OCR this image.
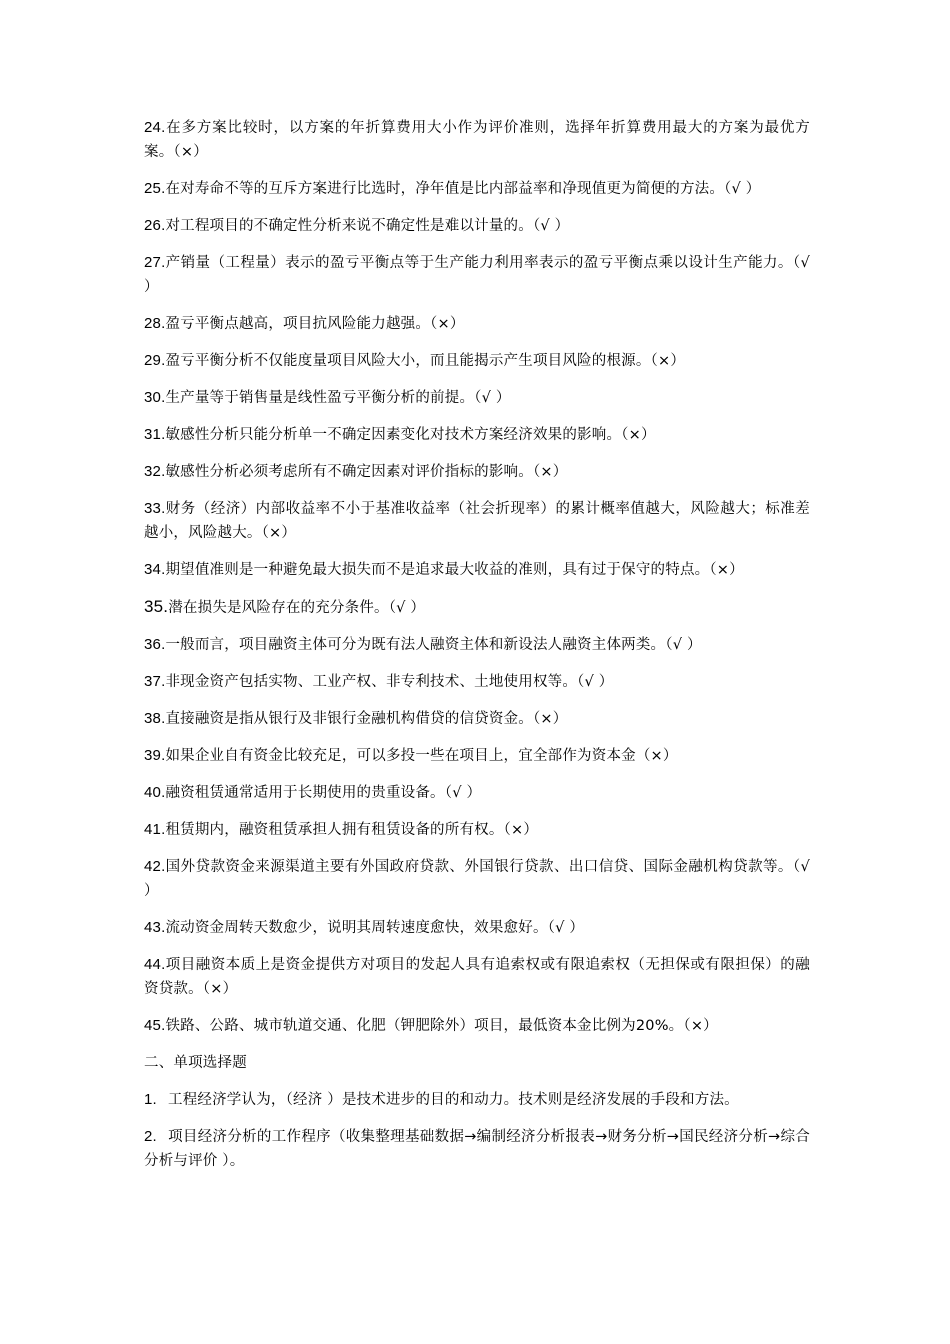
24.在多方案比较时，以方案的年折算费用大小作为评价准则，选择年折算费用最大的方案为最优方案。（×）

25.在对寿命不等的互斥方案进行比选时，净年值是比内部益率和净现值更为简便的方法。（√ ）

26.对工程项目的不确定性分析来说不确定性是难以计量的。（√ ）

27.产销量（工程量）表示的盈亏平衡点等于生产能力利用率表示的盈亏平衡点乘以设计生产能力。（√ ）

28.盈亏平衡点越高，项目抗风险能力越强。（×）

29.盈亏平衡分析不仅能度量项目风险大小，而且能揭示产生项目风险的根源。（×）

30.生产量等于销售量是线性盈亏平衡分析的前提。（√ ）

31.敏感性分析只能分析单一不确定因素变化对技术方案经济效果的影响。（×）

32.敏感性分析必须考虑所有不确定因素对评价指标的影响。（×）

33.财务（经济）内部收益率不小于基准收益率（社会折现率）的累计概率值越大，风险越大；标准差越小，风险越大。（×）

34.期望值准则是一种避免最大损失而不是追求最大收益的准则，具有过于保守的特点。（×）

35.潜在损失是风险存在的充分条件。（√ ）

36.一般而言，项目融资主体可分为既有法人融资主体和新设法人融资主体两类。（√ ）

37.非现金资产包括实物、工业产权、非专利技术、土地使用权等。（√ ）

38.直接融资是指从银行及非银行金融机构借贷的信贷资金。（×）

39.如果企业自有资金比较充足，可以多投一些在项目上，宜全部作为资本金（×）

40.融资租赁通常适用于长期使用的贵重设备。（√ ）

41.租赁期内，融资租赁承担人拥有租赁设备的所有权。（×）

42.国外贷款资金来源渠道主要有外国政府贷款、外国银行贷款、出口信贷、国际金融机构贷款等。（√ ）

43.流动资金周转天数愈少，说明其周转速度愈快，效果愈好。（√ ）

44.项目融资本质上是资金提供方对项目的发起人具有追索权或有限追索权（无担保或有限担保）的融资贷款。（×）

45.铁路、公路、城市轨道交通、化肥（钾肥除外）项目，最低资本金比例为20%。（×）

二、单项选择题

1. 工程经济学认为，（经济 ）是技术进步的目的和动力。技术则是经济发展的手段和方法。

2. 项目经济分析的工作程序（收集整理基础数据→编制经济分析报表→财务分析→国民经济分析→综合分析与评价 ）。
